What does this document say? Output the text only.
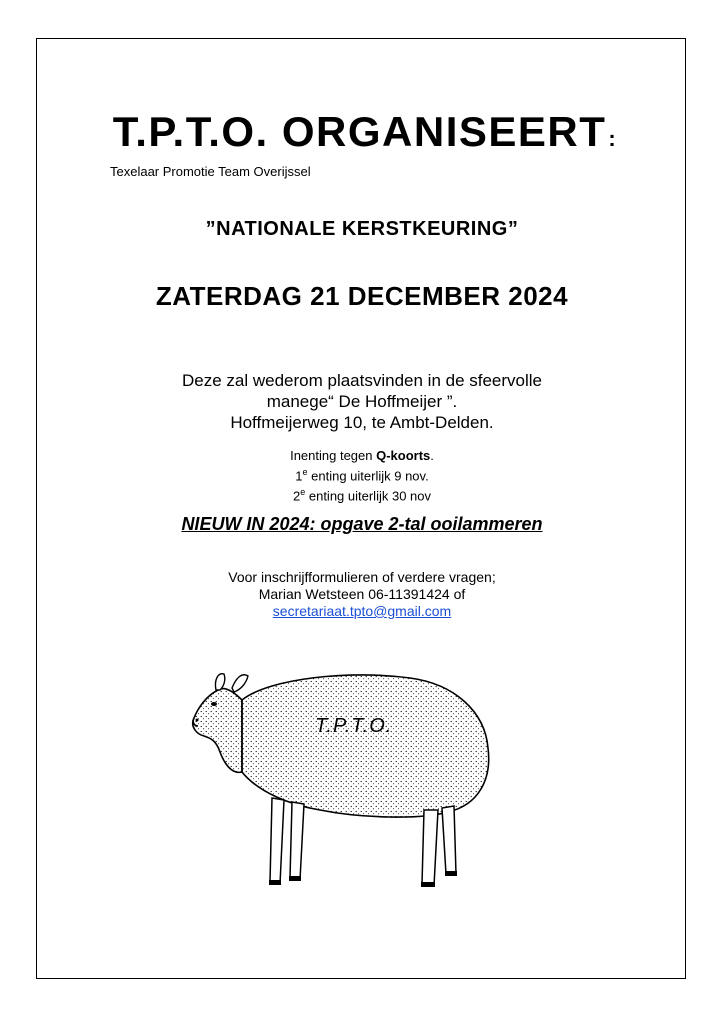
T.P.T.O. ORGANISEERT:
Texelaar Promotie Team Overijssel
”NATIONALE KERSTKEURING”
ZATERDAG 21 DECEMBER 2024
Deze zal wederom plaatsvinden in de sfeervolle
manege“ De Hoffmeijer ”.
Hoffmeijerweg 10, te Ambt-Delden.
Inenting tegen Q-koorts.
1e enting uiterlijk 9 nov.
2e enting uiterlijk 30 nov
NIEUW IN 2024: opgave 2-tal ooilammeren
Voor inschrijfformulieren of verdere vragen;
Marian Wetsteen 06-11391424 of
secretariaat.tpto@gmail.com
T.P.T.O.
